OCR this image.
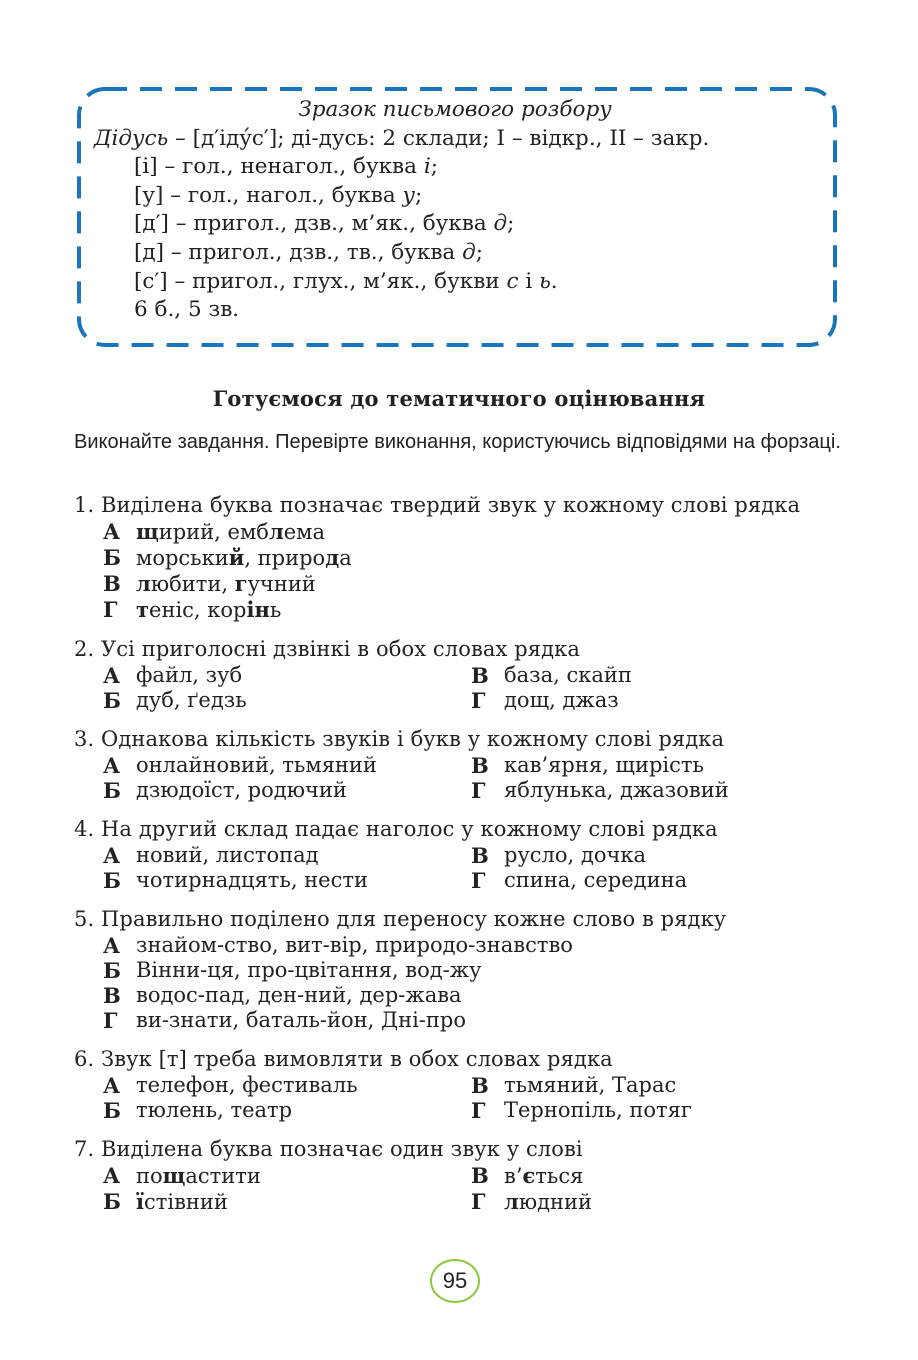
Зразок письмового розбору
Дідусь – [д′іду́с′]; ді-дусь: 2 склади; I – відкр., II – закр.
[і] – гол., ненагол., буква і;
[у] – гол., нагол., буква у;
[д′] – пригол., дзв., м’як., буква д;
[д] – пригол., дзв., тв., буква д;
[с′] – пригол., глух., м’як., букви с і ь.
6 б., 5 зв.
Готуємося до тематичного оцінювання
Виконайте завдання. Перевірте виконання, користуючись відповідями на форзаці.
1. Виділена буква позначає твердий звук у кожному слові рядка
А щирий, емблема
Б морський, природа
В любити, гучний
Г теніс, корінь
2. Усі приголосні дзвінкі в обох словах рядка
А файл, зуб	В база, скайп
Б дуб, ґедзь	Г дощ, джаз
3. Однакова кількість звуків і букв у кожному слові рядка
А онлайновий, тьмяний	В кав’ярня, щирість
Б дзюдоїст, родючий	Г яблунька, джазовий
4. На другий склад падає наголос у кожному слові рядка
А новий, листопад	В русло, дочка
Б чотирнадцять, нести	Г спина, середина
5. Правильно поділено для переносу кожне слово в рядку
А знайом-ство, вит-вір, природо-знавство
Б Вінни-ця, про-цвітання, вод-жу
В водос-пад, ден-ний, дер-жава
Г ви-знати, баталь-йон, Дні-про
6. Звук [т] треба вимовляти в обох словах рядка
А телефон, фестиваль	В тьмяний, Тарас
Б тюлень, театр	Г Тернопіль, потяг
7. Виділена буква позначає один звук у слові
А пощастити	В в’ється
Б їстівний	Г людний
95
